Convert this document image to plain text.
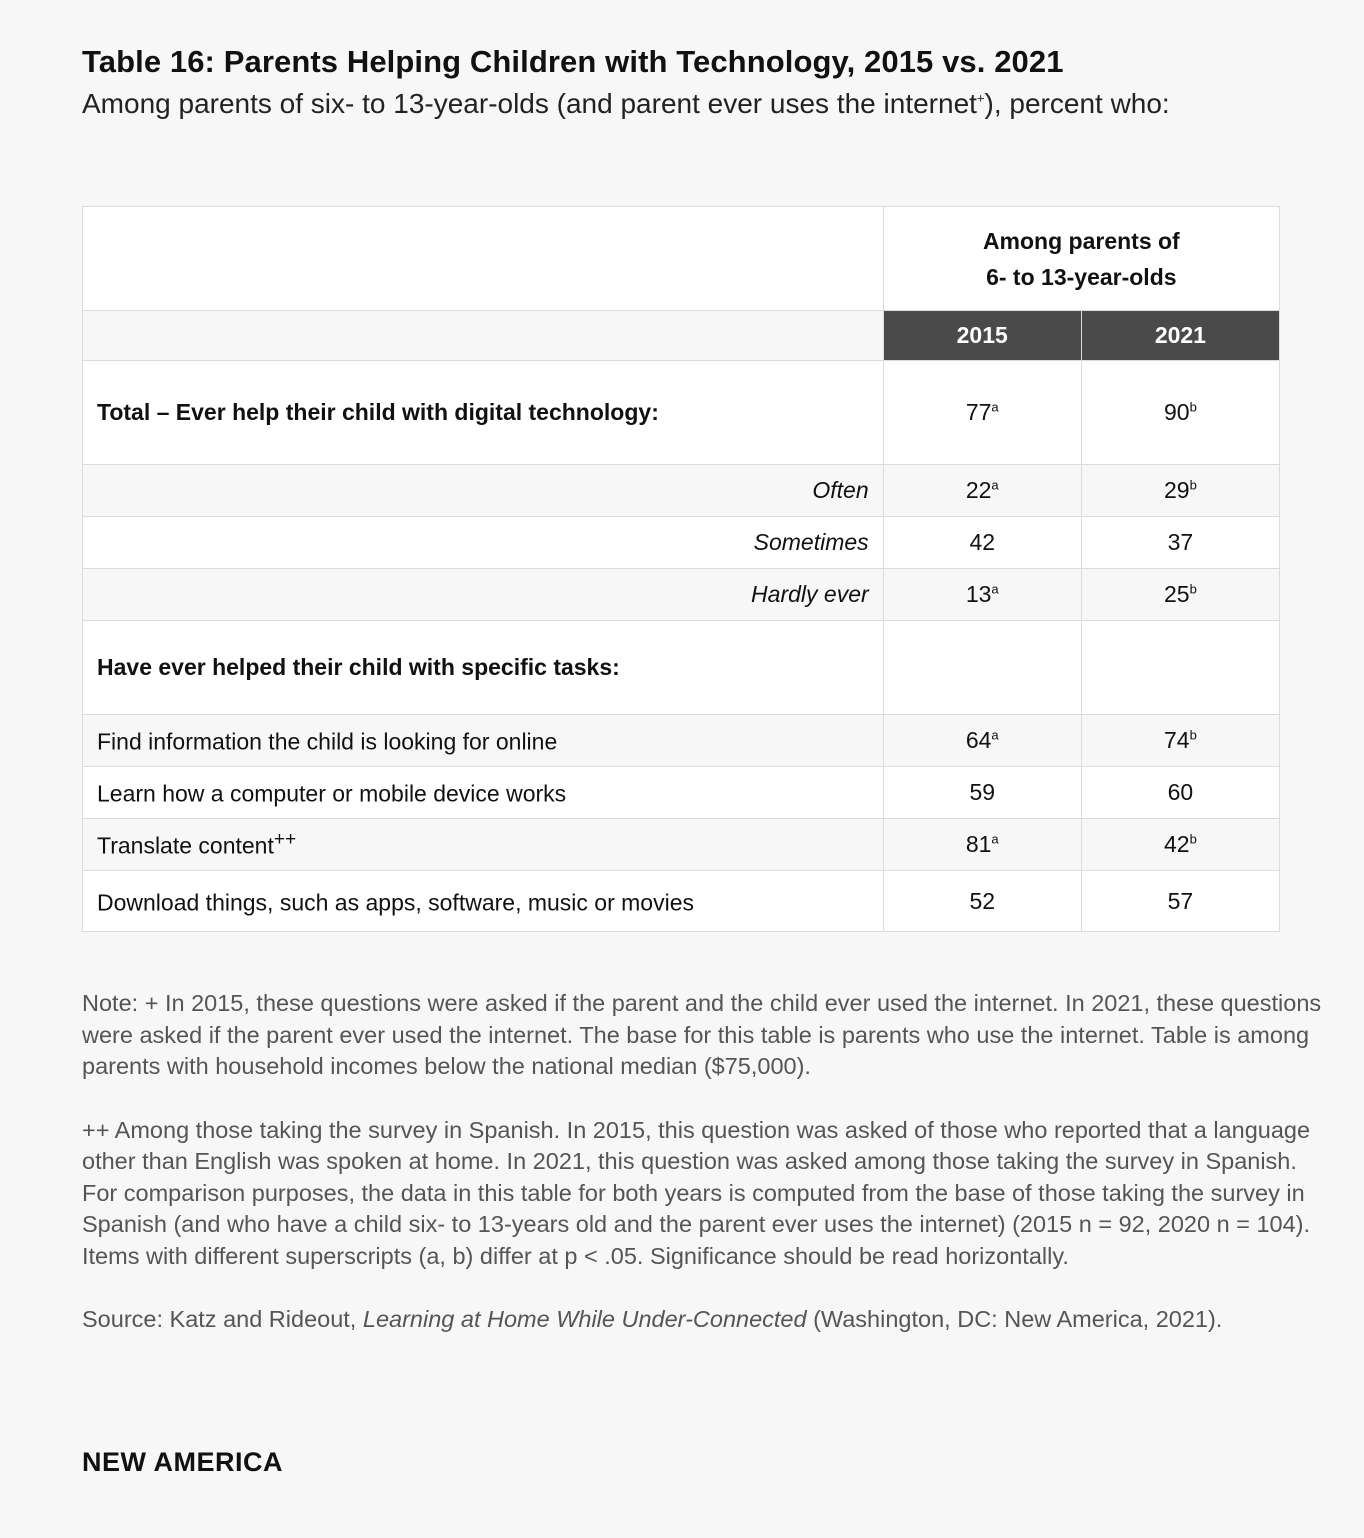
Table 16: Parents Helping Children with Technology, 2015 vs. 2021

Among parents of six- to 13-year-olds (and parent ever uses the internet+), percent who:

	Among parents of
6- to 13-year-olds	

	2015	2021
Total – Ever help their child with digital technology:	77$^a$	90$^b$
Often	22$^a$	29$^b$
Sometimes	42	37
Hardly ever	13$^a$	25$^b$
Have ever helped their child with specific tasks:		
Find information the child is looking for online	64$^a$	74$^b$
Learn how a computer or mobile device works	59	60
Translate content++	81$^a$	42$^b$
Download things, such as apps, software, music or movies	52	57

Note: + In 2015, these questions were asked if the parent and the child ever used the internet. In 2021, these questions were asked if the parent ever used the internet. The base for this table is parents who use the internet. Table is among parents with household incomes below the national median ($75,000).

++ Among those taking the survey in Spanish. In 2015, this question was asked of those who reported that a language other than English was spoken at home. In 2021, this question was asked among those taking the survey in Spanish. For comparison purposes, the data in this table for both years is computed from the base of those taking the survey in Spanish (and who have a child six- to 13-years old and the parent ever uses the internet) (2015 n = 92, 2020 n = 104).

Items with different superscripts (a, b) differ at p < .05. Significance should be read horizontally.

Source: Katz and Rideout, Learning at Home While Under-Connected (Washington, DC: New America, 2021).

NEW AMERICA
